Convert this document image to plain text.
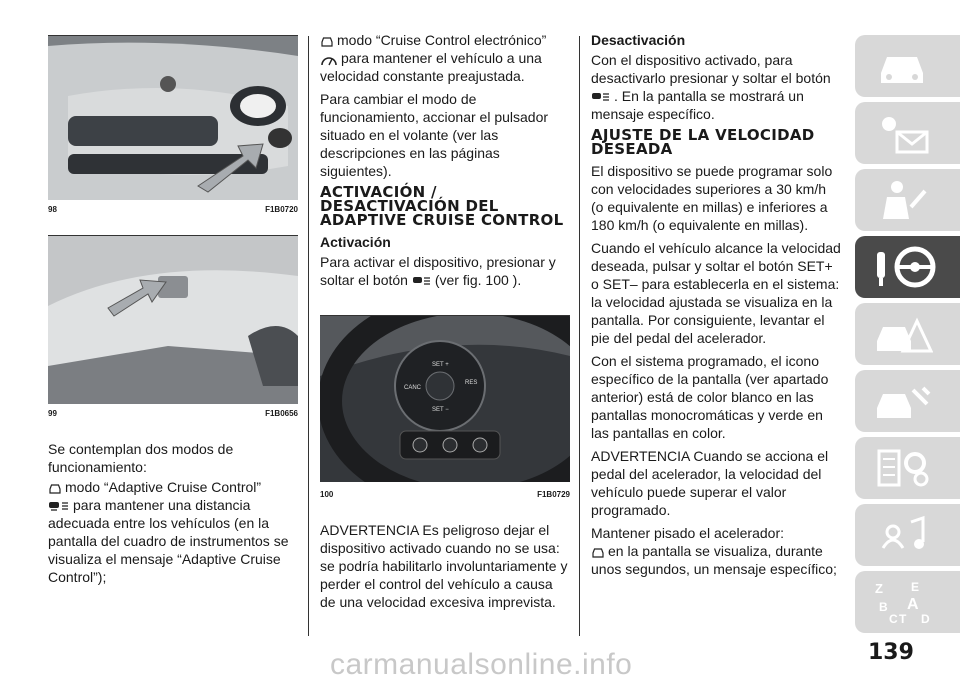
98	F1B0720
99	F1B0656

Se contemplan dos modos de funcionamiento:

modo “Adaptive Cruise Control”
para mantener una distancia adecuada entre los vehículos (en la pantalla del cuadro de instrumentos se visualiza el mensaje “Adaptive Cruise Control”);
modo “Cruise Control electrónico”

para mantener el vehículo a una velocidad constante preajustada.

Para cambiar el modo de funcionamiento, accionar el pulsador situado en el volante (ver las descripciones en las páginas siguientes).

ACTIVACIÓN / DESACTIVACIÓN DEL ADAPTIVE CRUISE CONTROL
Activación

Para activar el dispositivo, presionar y soltar el botón (ver fig. 100 ).

SET +
CANC
RES
SET −
100	F1B0729

ADVERTENCIA Es peligroso dejar el dispositivo activado cuando no se usa: se podría habilitarlo involuntariamente y perder el control del vehículo a causa de una velocidad excesiva imprevista.

Desactivación

Con el dispositivo activado, para desactivarlo presionar y soltar el botón
. En la pantalla se mostrará un mensaje específico.

AJUSTE DE LA VELOCIDAD DESEADA

El dispositivo se puede programar solo con velocidades superiores a 30 km/h (o equivalente en millas) e inferiores a 180 km/h (o equivalente en millas).

Cuando el vehículo alcance la velocidad deseada, pulsar y soltar el botón SET+ o SET– para establecerla en el sistema: la velocidad ajustada se visualiza en la pantalla. Por consiguiente, levantar el pie del pedal del acelerador.

Con el sistema programado, el icono específico de la pantalla (ver apartado anterior) está de color blanco en las pantallas monocromáticas y verde en las pantallas en color.

ADVERTENCIA Cuando se acciona el pedal del acelerador, la velocidad del vehículo puede superar el valor programado.

Mantener pisado el acelerador:

en la pantalla se visualiza, durante unos segundos, un mensaje específico;
Z E
B A
C T D
139
carmanualsonline.info
